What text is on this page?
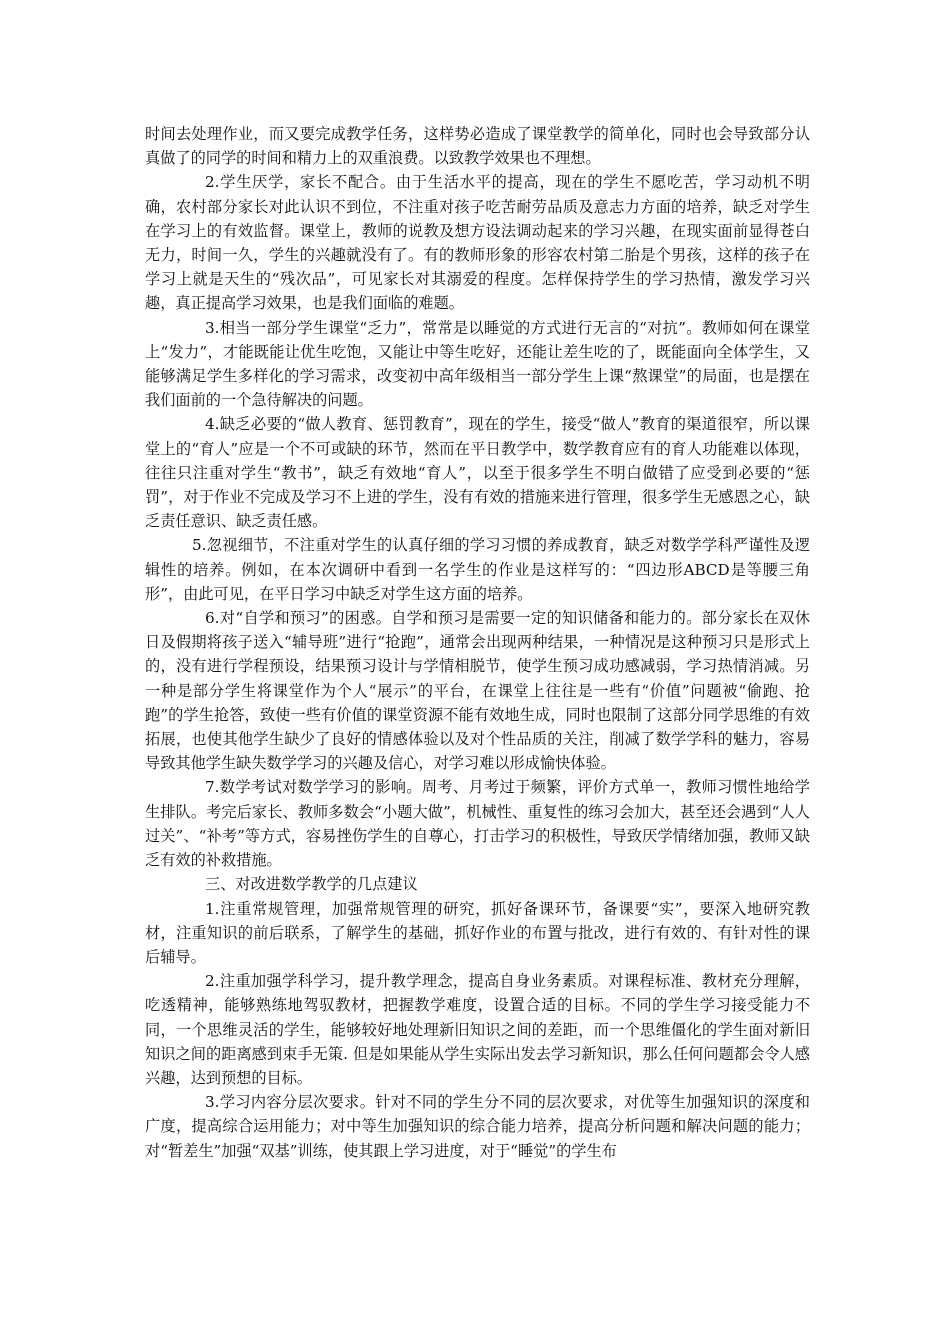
时间去处理作业，而又要完成教学任务，这样势必造成了课堂教学的简单化，同时也会导致部分认真做了的同学的时间和精力上的双重浪费。以致教学效果也不理想。

2.学生厌学，家长不配合。由于生活水平的提高，现在的学生不愿吃苦，学习动机不明确，农村部分家长对此认识不到位，不注重对孩子吃苦耐劳品质及意志力方面的培养，缺乏对学生在学习上的有效监督。课堂上，教师的说教及想方设法调动起来的学习兴趣，在现实面前显得苍白无力，时间一久，学生的兴趣就没有了。有的教师形象的形容农村第二胎是个男孩，这样的孩子在学习上就是天生的“残次品”，可见家长对其溺爱的程度。怎样保持学生的学习热情，激发学习兴趣，真正提高学习效果，也是我们面临的难题。

3.相当一部分学生课堂“乏力”，常常是以睡觉的方式进行无言的“对抗”。教师如何在课堂上“发力”，才能既能让优生吃饱，又能让中等生吃好，还能让差生吃的了，既能面向全体学生，又能够满足学生多样化的学习需求，改变初中高年级相当一部分学生上课“熬课堂”的局面，也是摆在我们面前的一个急待解决的问题。

4.缺乏必要的“做人教育、惩罚教育”，现在的学生，接受“做人”教育的渠道很窄，所以课堂上的“育人”应是一个不可或缺的环节，然而在平日教学中，数学教育应有的育人功能难以体现，往往只注重对学生“教书”，缺乏有效地“育人”，以至于很多学生不明白做错了应受到必要的“惩罚”，对于作业不完成及学习不上进的学生，没有有效的措施来进行管理，很多学生无感恩之心，缺乏责任意识、缺乏责任感。

5.忽视细节，不注重对学生的认真仔细的学习习惯的养成教育，缺乏对数学学科严谨性及逻辑性的培养。例如，在本次调研中看到一名学生的作业是这样写的：“四边形ABCD是等腰三角形”，由此可见，在平日学习中缺乏对学生这方面的培养。

6.对“自学和预习”的困惑。自学和预习是需要一定的知识储备和能力的。部分家长在双休日及假期将孩子送入“辅导班”进行“抢跑”，通常会出现两种结果，一种情况是这种预习只是形式上的，没有进行学程预设，结果预习设计与学情相脱节，使学生预习成功感减弱，学习热情消减。另一种是部分学生将课堂作为个人“展示”的平台，在课堂上往往是一些有“价值”问题被“偷跑、抢跑”的学生抢答，致使一些有价值的课堂资源不能有效地生成，同时也限制了这部分同学思维的有效拓展，也使其他学生缺少了良好的情感体验以及对个性品质的关注，削减了数学学科的魅力，容易导致其他学生缺失数学学习的兴趣及信心，对学习难以形成愉快体验。

7.数学考试对数学学习的影响。周考、月考过于频繁，评价方式单一，教师习惯性地给学生排队。考完后家长、教师多数会“小题大做”，机械性、重复性的练习会加大，甚至还会遇到“人人过关”、“补考”等方式，容易挫伤学生的自尊心，打击学习的积极性，导致厌学情绪加强，教师又缺乏有效的补救措施。

三、对改进数学教学的几点建议

1.注重常规管理，加强常规管理的研究，抓好备课环节，备课要“实”，要深入地研究教材，注重知识的前后联系，了解学生的基础，抓好作业的布置与批改，进行有效的、有针对性的课后辅导。

2.注重加强学科学习，提升教学理念，提高自身业务素质。对课程标准、教材充分理解，吃透精神，能够熟练地驾驭教材，把握教学难度，设置合适的目标。不同的学生学习接受能力不同，一个思维灵活的学生，能够较好地处理新旧知识之间的差距，而一个思维僵化的学生面对新旧知识之间的距离感到束手无策. 但是如果能从学生实际出发去学习新知识，那么任何问题都会令人感兴趣，达到预想的目标。

3.学习内容分层次要求。针对不同的学生分不同的层次要求，对优等生加强知识的深度和广度，提高综合运用能力；对中等生加强知识的综合能力培养，提高分析问题和解决问题的能力；对“暂差生”加强“双基”训练，使其跟上学习进度，对于“睡觉”的学生布
